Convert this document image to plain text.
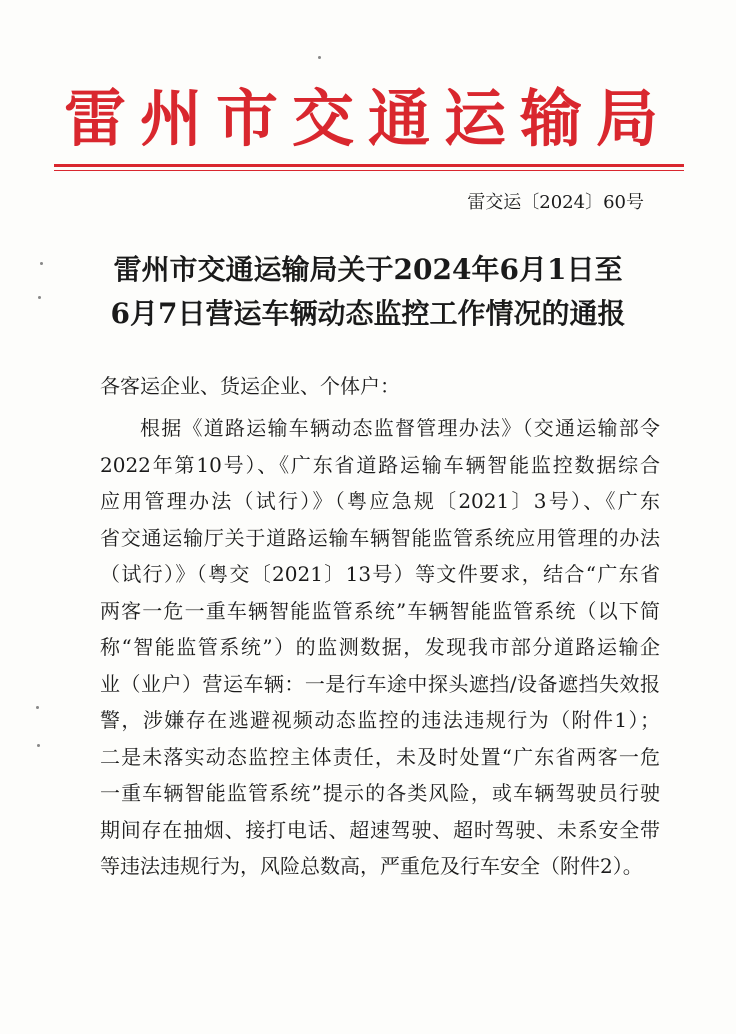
雷州市交通运输局
雷交运〔2024〕60号
雷州市交通运输局关于2024年6月1日至
6月7日营运车辆动态监控工作情况的通报
各客运企业、货运企业、个体户：
根据《道路运输车辆动态监督管理办法》（交通运输部令
2022年第10号）、《广东省道路运输车辆智能监控数据综合
应用管理办法（试行）》（粤应急规〔2021〕3号）、《广东
省交通运输厅关于道路运输车辆智能监管系统应用管理的办法
（试行）》（粤交〔2021〕13号）等文件要求，结合“广东省
两客一危一重车辆智能监管系统”车辆智能监管系统（以下简
称“智能监管系统”）的监测数据，发现我市部分道路运输企
业（业户）营运车辆：一是行车途中探头遮挡/设备遮挡失效报
警，涉嫌存在逃避视频动态监控的违法违规行为（附件1）；
二是未落实动态监控主体责任，未及时处置“广东省两客一危
一重车辆智能监管系统”提示的各类风险，或车辆驾驶员行驶
期间存在抽烟、接打电话、超速驾驶、超时驾驶、未系安全带
等违法违规行为，风险总数高，严重危及行车安全（附件2）。
